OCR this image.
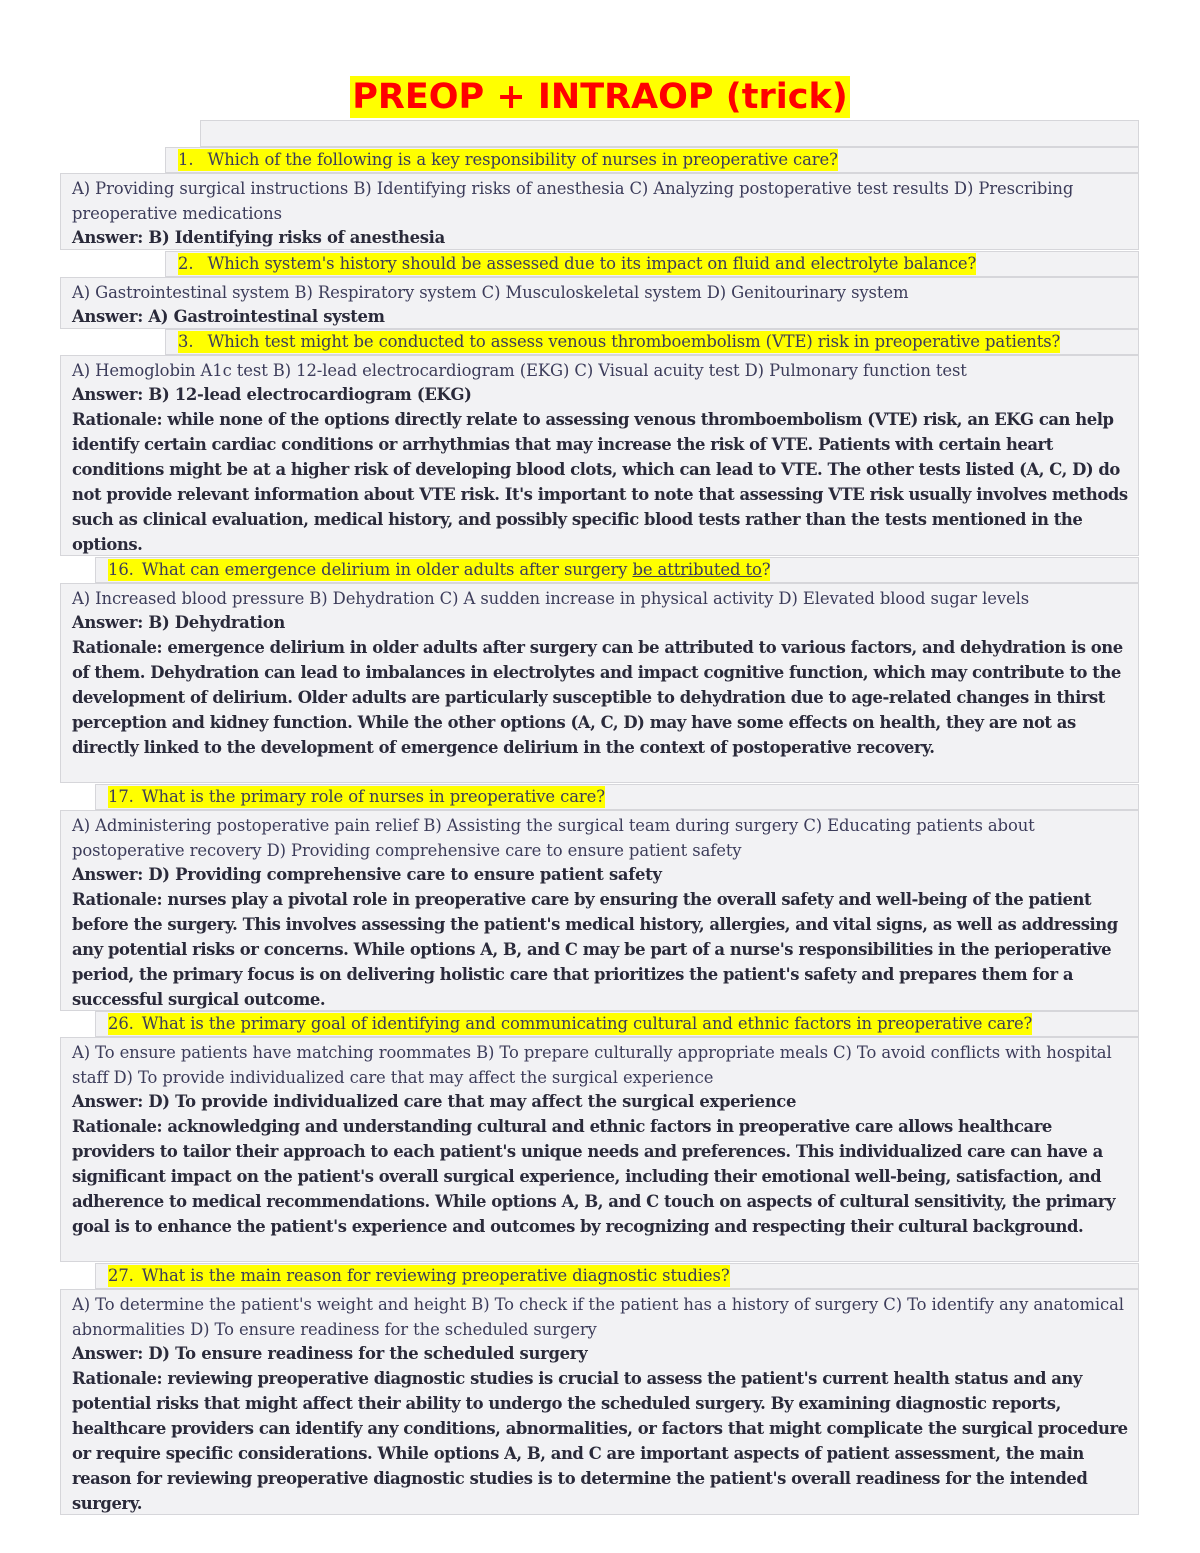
PREOP + INTRAOP (trick)
1. Which of the following is a key responsibility of nurses in preoperative care?
A) Providing surgical instructions B) Identifying risks of anesthesia C) Analyzing postoperative test results D) Prescribing preoperative medications
Answer: B) Identifying risks of anesthesia
2. Which system's history should be assessed due to its impact on fluid and electrolyte balance?
A) Gastrointestinal system B) Respiratory system C) Musculoskeletal system D) Genitourinary system
Answer: A) Gastrointestinal system
3. Which test might be conducted to assess venous thromboembolism (VTE) risk in preoperative patients?
A) Hemoglobin A1c test B) 12-lead electrocardiogram (EKG) C) Visual acuity test D) Pulmonary function test
Answer: B) 12-lead electrocardiogram (EKG)
Rationale: while none of the options directly relate to assessing venous thromboembolism (VTE) risk, an EKG can help identify certain cardiac conditions or arrhythmias that may increase the risk of VTE. Patients with certain heart conditions might be at a higher risk of developing blood clots, which can lead to VTE. The other tests listed (A, C, D) do not provide relevant information about VTE risk. It's important to note that assessing VTE risk usually involves methods such as clinical evaluation, medical history, and possibly specific blood tests rather than the tests mentioned in the options.
16. What can emergence delirium in older adults after surgery be attributed to?
A) Increased blood pressure B) Dehydration C) A sudden increase in physical activity D) Elevated blood sugar levels
Answer: B) Dehydration
Rationale: emergence delirium in older adults after surgery can be attributed to various factors, and dehydration is one of them. Dehydration can lead to imbalances in electrolytes and impact cognitive function, which may contribute to the development of delirium. Older adults are particularly susceptible to dehydration due to age-related changes in thirst perception and kidney function. While the other options (A, C, D) may have some effects on health, they are not as directly linked to the development of emergence delirium in the context of postoperative recovery.
17. What is the primary role of nurses in preoperative care?
A) Administering postoperative pain relief B) Assisting the surgical team during surgery C) Educating patients about postoperative recovery D) Providing comprehensive care to ensure patient safety
Answer: D) Providing comprehensive care to ensure patient safety
Rationale: nurses play a pivotal role in preoperative care by ensuring the overall safety and well-being of the patient before the surgery. This involves assessing the patient's medical history, allergies, and vital signs, as well as addressing any potential risks or concerns. While options A, B, and C may be part of a nurse's responsibilities in the perioperative period, the primary focus is on delivering holistic care that prioritizes the patient's safety and prepares them for a successful surgical outcome.
26. What is the primary goal of identifying and communicating cultural and ethnic factors in preoperative care?
A) To ensure patients have matching roommates B) To prepare culturally appropriate meals C) To avoid conflicts with hospital staff D) To provide individualized care that may affect the surgical experience
Answer: D) To provide individualized care that may affect the surgical experience
Rationale: acknowledging and understanding cultural and ethnic factors in preoperative care allows healthcare providers to tailor their approach to each patient's unique needs and preferences. This individualized care can have a significant impact on the patient's overall surgical experience, including their emotional well-being, satisfaction, and adherence to medical recommendations. While options A, B, and C touch on aspects of cultural sensitivity, the primary goal is to enhance the patient's experience and outcomes by recognizing and respecting their cultural background.
27. What is the main reason for reviewing preoperative diagnostic studies?
A) To determine the patient's weight and height B) To check if the patient has a history of surgery C) To identify any anatomical abnormalities D) To ensure readiness for the scheduled surgery
Answer: D) To ensure readiness for the scheduled surgery
Rationale: reviewing preoperative diagnostic studies is crucial to assess the patient's current health status and any potential risks that might affect their ability to undergo the scheduled surgery. By examining diagnostic reports, healthcare providers can identify any conditions, abnormalities, or factors that might complicate the surgical procedure or require specific considerations. While options A, B, and C are important aspects of patient assessment, the main reason for reviewing preoperative diagnostic studies is to determine the patient's overall readiness for the intended surgery.
